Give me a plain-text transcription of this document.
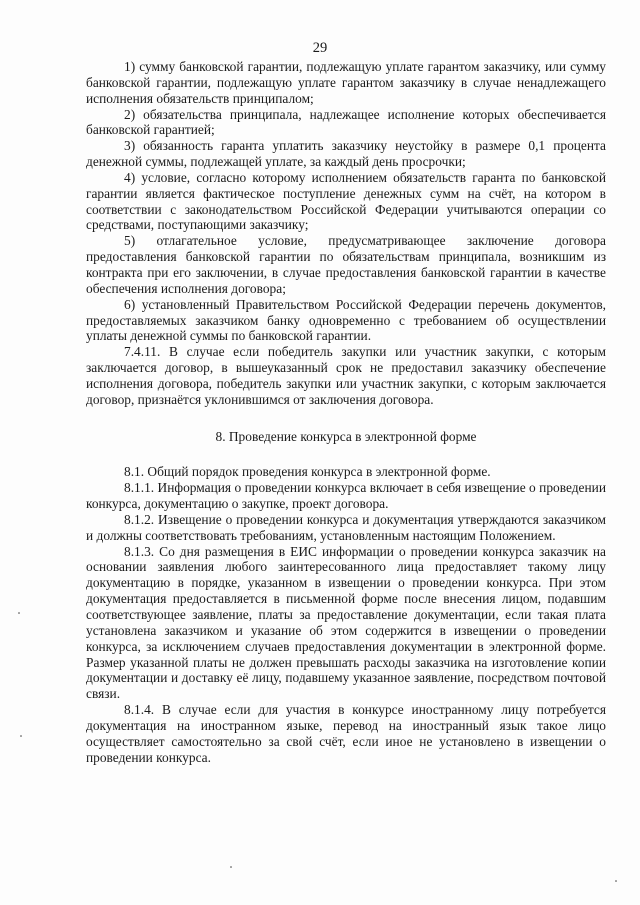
29

1) сумму банковской гарантии, подлежащую уплате гарантом заказчику, или сумму банковской гарантии, подлежащую уплате гарантом заказчику в случае ненадлежащего исполнения обязательств принципалом;

2) обязательства принципала, надлежащее исполнение которых обеспечивается банковской гарантией;

3) обязанность гаранта уплатить заказчику неустойку в размере 0,1 процента денежной суммы, подлежащей уплате, за каждый день просрочки;

4) условие, согласно которому исполнением обязательств гаранта по банковской гарантии является фактическое поступление денежных сумм на счёт, на котором в соответствии с законодательством Российской Федерации учитываются операции со средствами, поступающими заказчику;

5) отлагательное условие, предусматривающее заключение договора предоставления банковской гарантии по обязательствам принципала, возникшим из контракта при его заключении, в случае предоставления банковской гарантии в качестве обеспечения исполнения договора;

6) установленный Правительством Российской Федерации перечень документов, предоставляемых заказчиком банку одновременно с требованием об осуществлении уплаты денежной суммы по банковской гарантии.

7.4.11. В случае если победитель закупки или участник закупки, с которым заключается договор, в вышеуказанный срок не предоставил заказчику обеспечение исполнения договора, победитель закупки или участник закупки, с которым заключается договор, признаётся уклонившимся от заключения договора.

8. Проведение конкурса в электронной форме

8.1. Общий порядок проведения конкурса в электронной форме.

8.1.1. Информация о проведении конкурса включает в себя извещение о проведении конкурса, документацию о закупке, проект договора.

8.1.2. Извещение о проведении конкурса и документация утверждаются заказчиком и должны соответствовать требованиям, установленным настоящим Положением.

8.1.3. Со дня размещения в ЕИС информации о проведении конкурса заказчик на основании заявления любого заинтересованного лица предоставляет такому лицу документацию в порядке, указанном в извещении о проведении конкурса. При этом документация предоставляется в письменной форме после внесения лицом, подавшим соответствующее заявление, платы за предоставление документации, если такая плата установлена заказчиком и указание об этом содержится в извещении о проведении конкурса, за исключением случаев предоставления документации в электронной форме. Размер указанной платы не должен превышать расходы заказчика на изготовление копии документации и доставку её лицу, подавшему указанное заявление, посредством почтовой связи.

8.1.4. В случае если для участия в конкурсе иностранному лицу потребуется документация на иностранном языке, перевод на иностранный язык такое лицо осуществляет самостоятельно за свой счёт, если иное не установлено в извещении о проведении конкурса.
